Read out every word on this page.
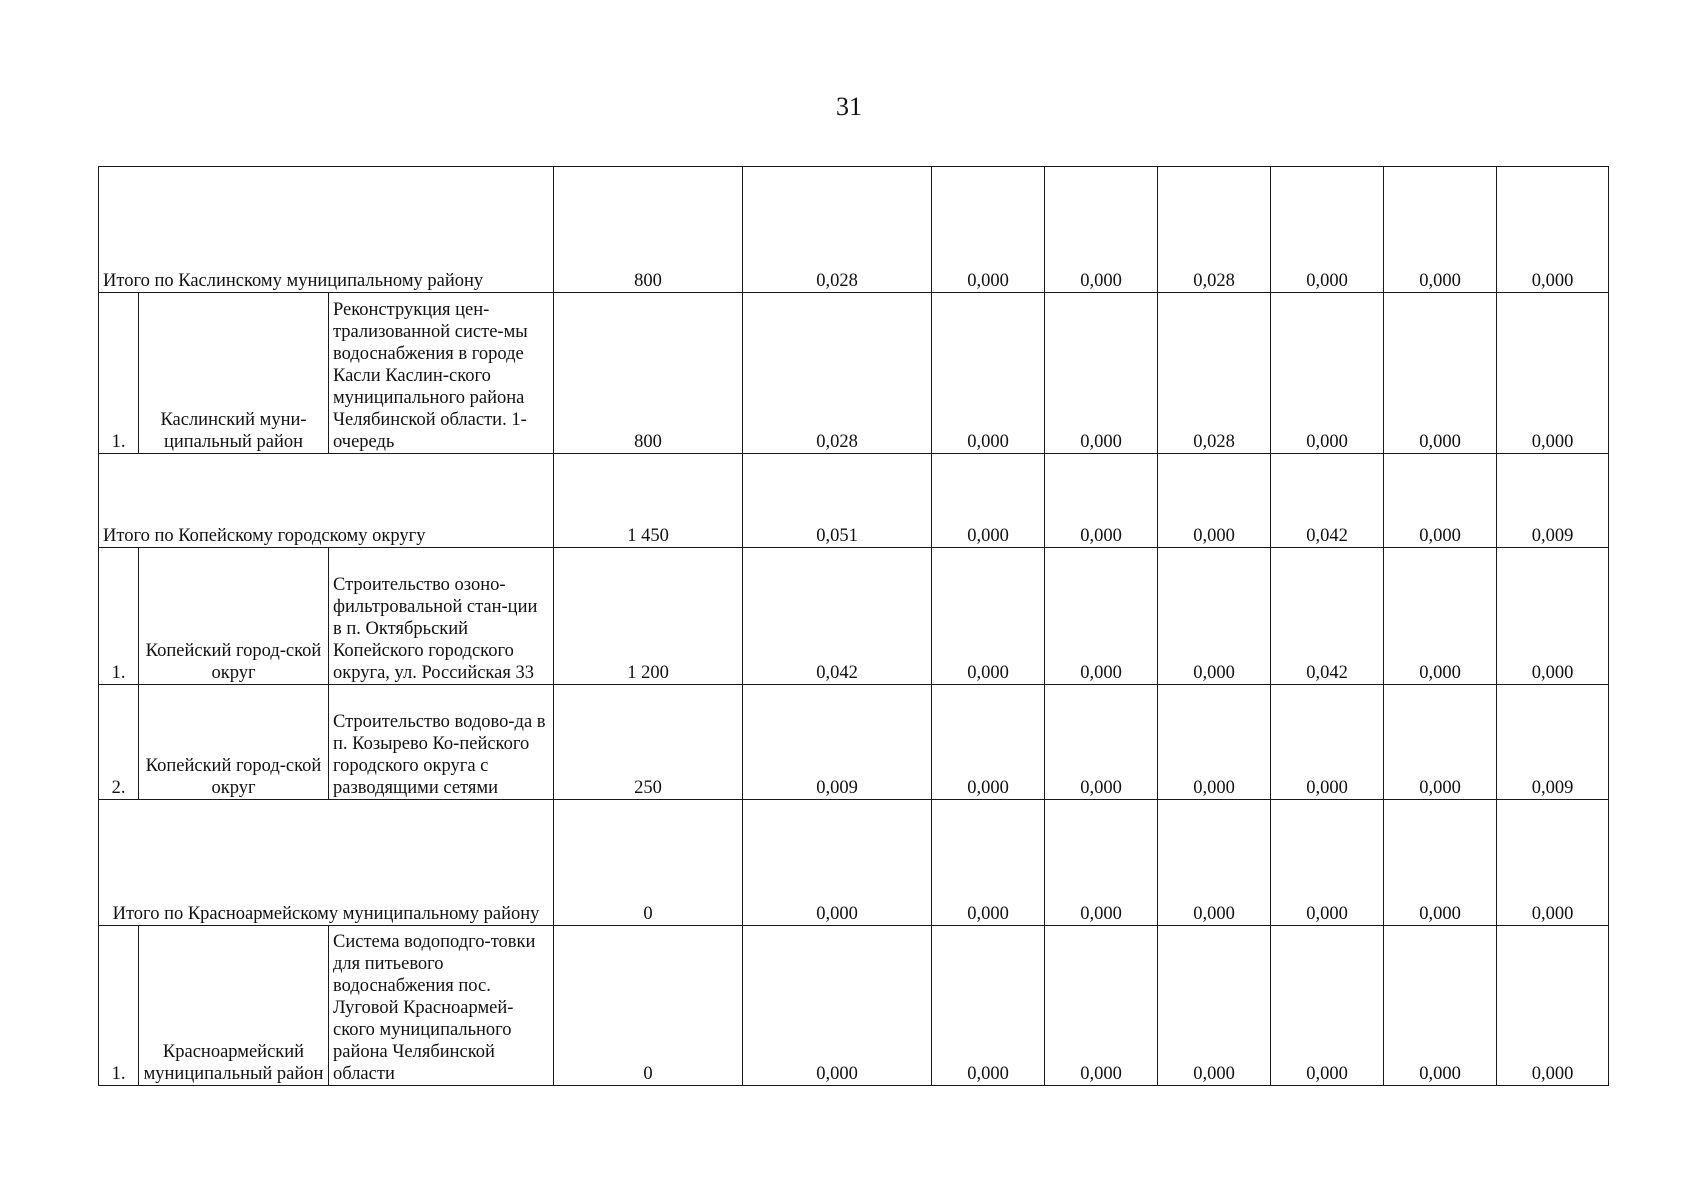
31
Итого по Каслинскому муниципальному району			800	0,028	0,000	0,000	0,028	0,000	0,000	0,000
1.	Каслинский муни-ципальный район	Реконструкция цен-трализованной систе-мы водоснабжения в городе Касли Каслин-ского муниципального района Челябинской области. 1-очередь	800	0,028	0,000	0,000	0,028	0,000	0,000	0,000
Итого по Копейскому городскому округу			1 450	0,051	0,000	0,000	0,000	0,042	0,000	0,009
1.	Копейский город-ской округ	Строительство озоно-фильтровальной стан-ции в п. Октябрьский Копейского городского округа, ул. Российская 33	1 200	0,042	0,000	0,000	0,000	0,042	0,000	0,000
2.	Копейский город-ской округ	Строительство водово-да в п. Козырево Ко-пейского городского округа с разводящими сетями	250	0,009	0,000	0,000	0,000	0,000	0,000	0,009
Итого по Красноармейскому муниципальному району			0	0,000	0,000	0,000	0,000	0,000	0,000	0,000
1.	Красноармейский муниципальный район	Система водоподго-товки для питьевого водоснабжения пос. Луговой Красноармей-ского муниципального района Челябинской области	0	0,000	0,000	0,000	0,000	0,000	0,000	0,000
